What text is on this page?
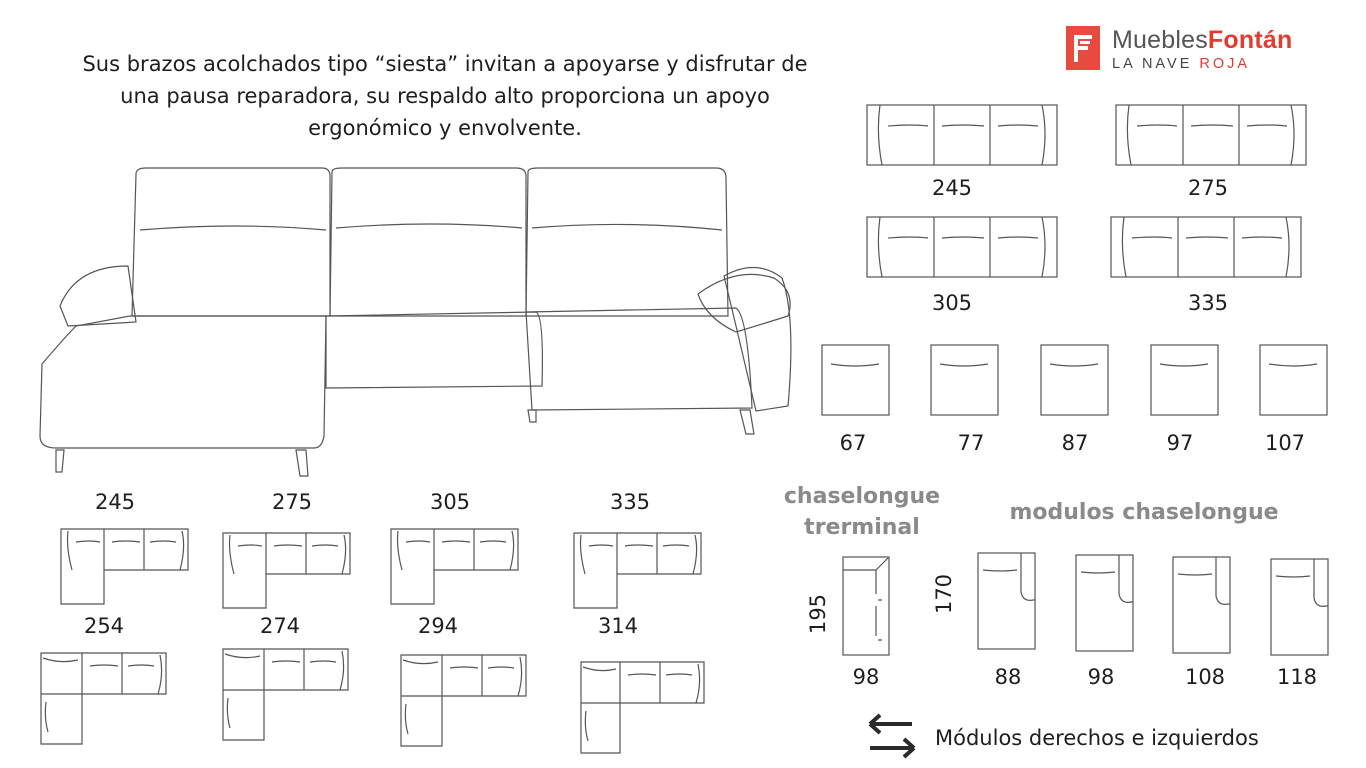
Sus brazos acolchados tipo “siesta” invitan a apoyarse y disfrutar de una pausa reparadora, su respaldo alto proporciona un apoyo ergonómico y envolvente.
MueblesFontán
LA NAVE ROJA
245	275
305	335
67	77	87	97	107
245	275	305	335
254	274	294	314
chaselongue
trerminal
195
98
modulos chaselongue
170
88	98	108	118
Módulos derechos e izquierdos
